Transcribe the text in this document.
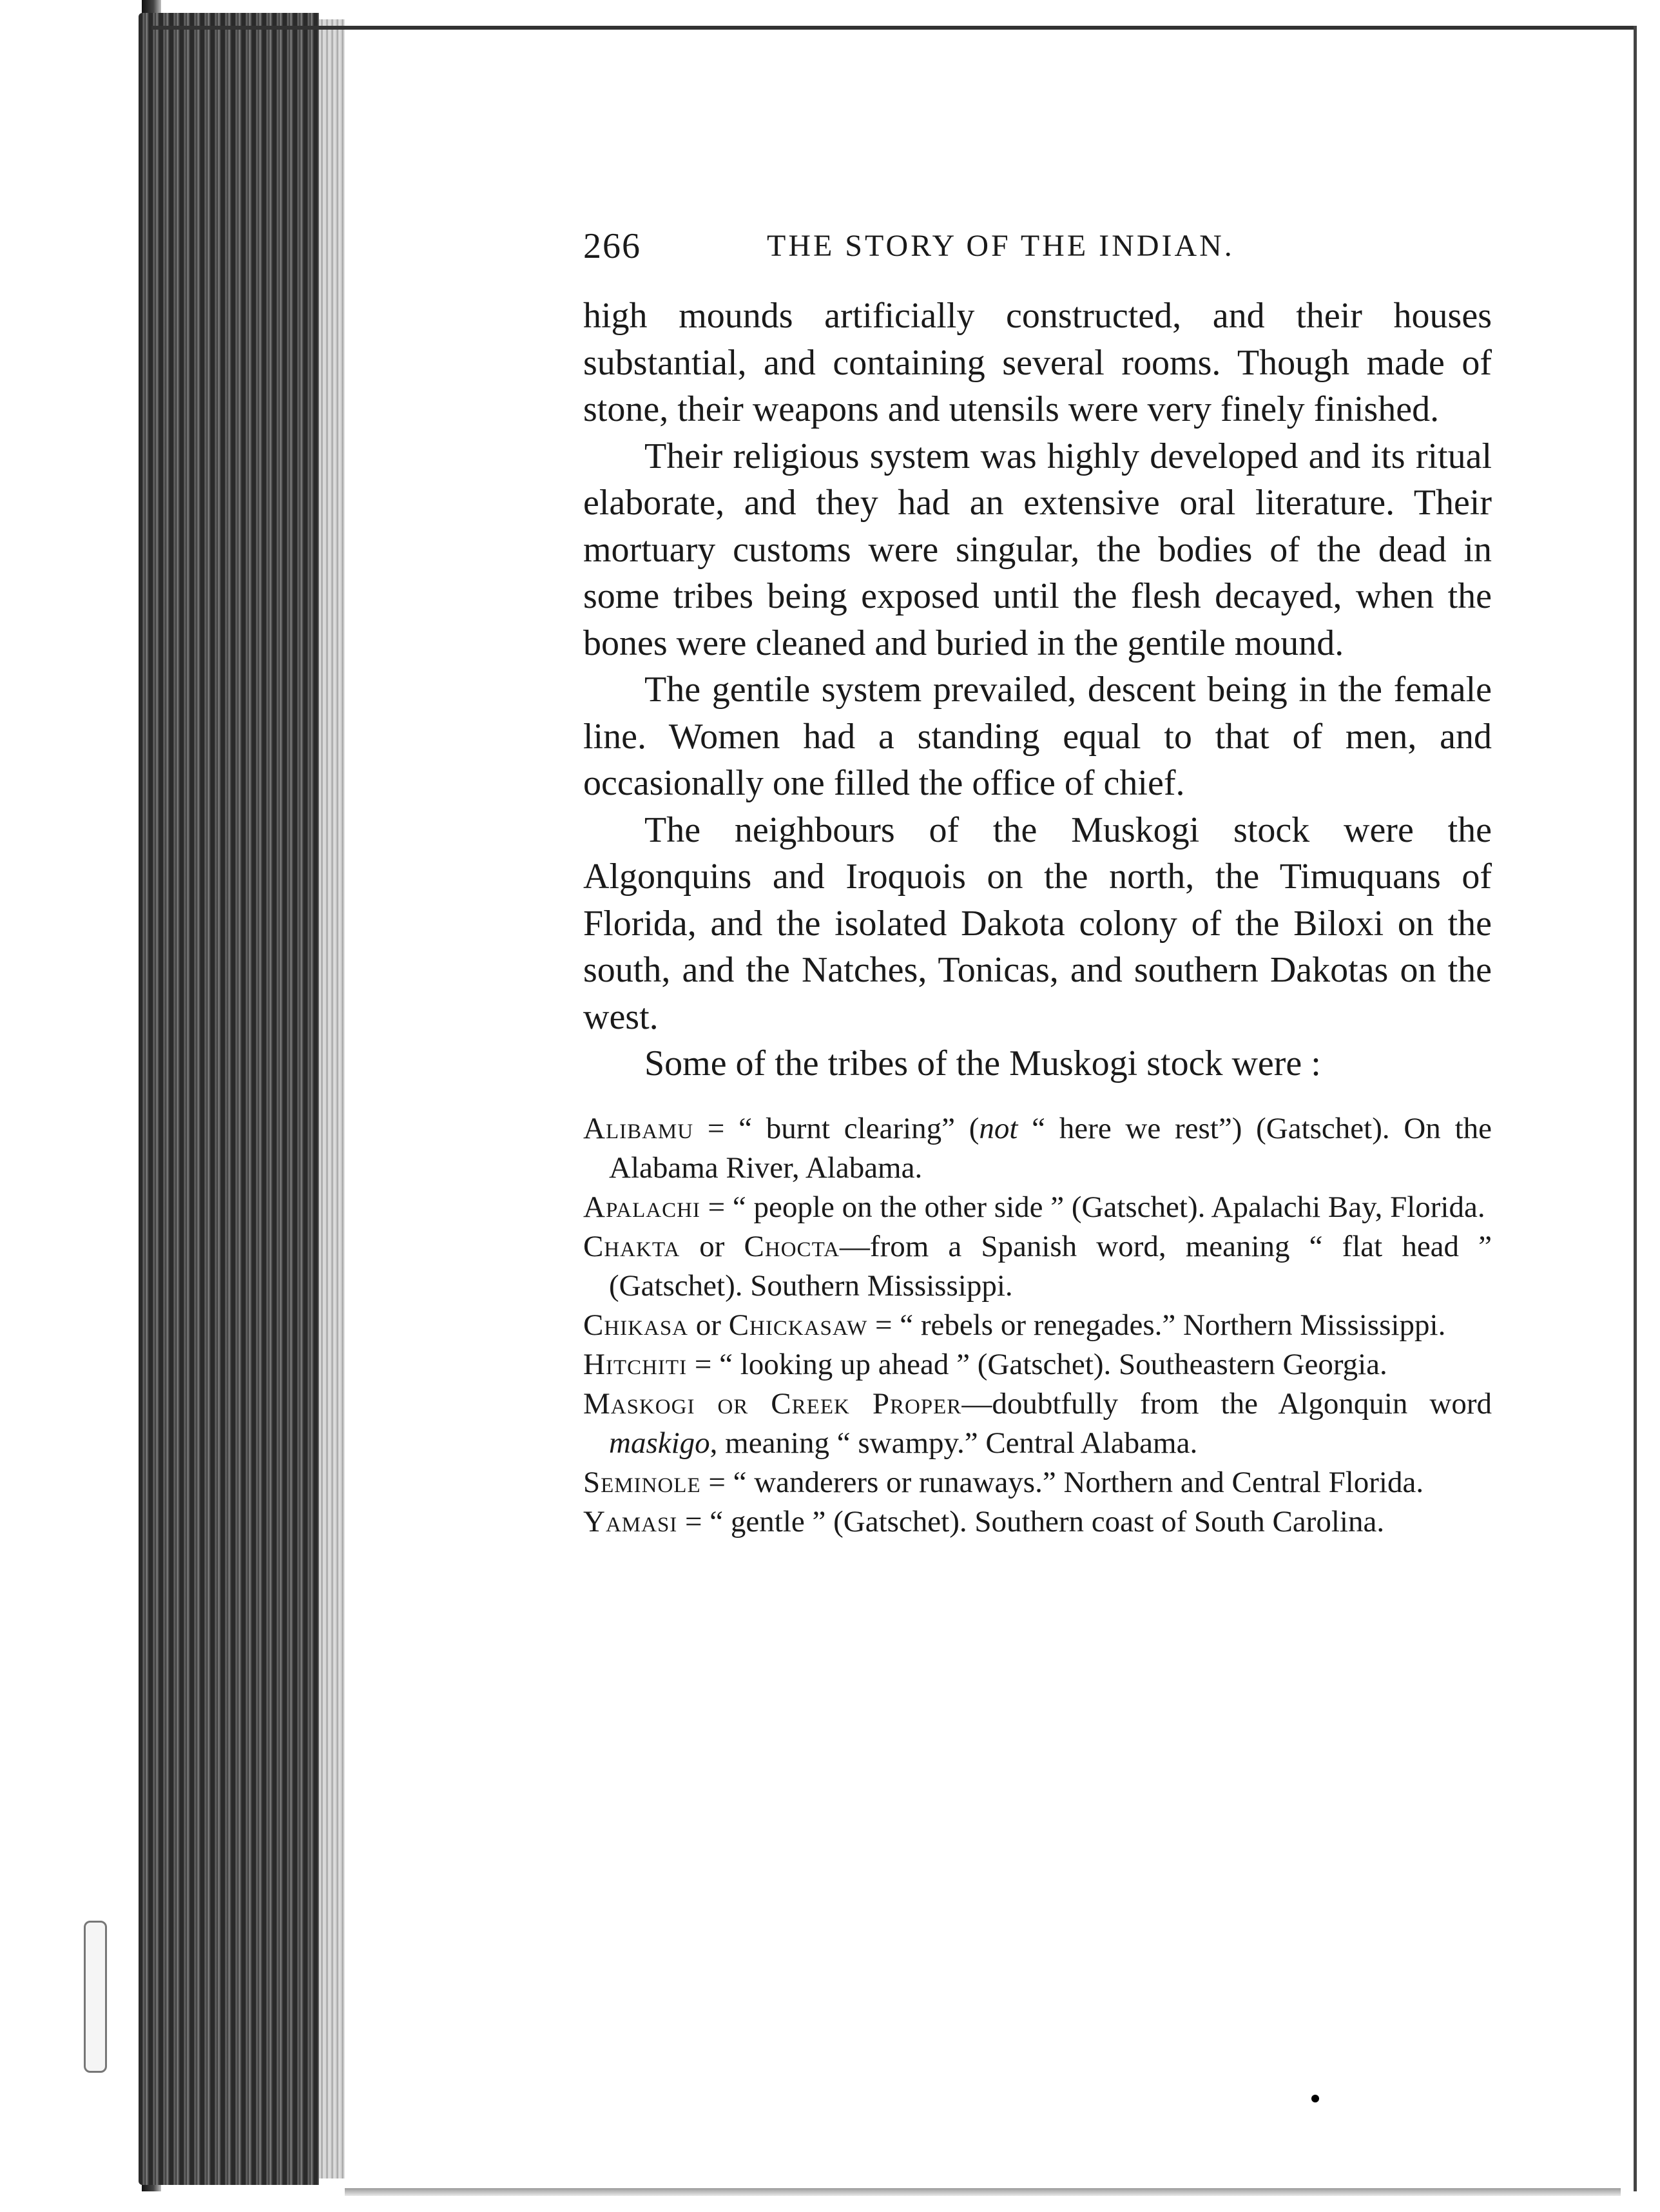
266	THE STORY OF THE INDIAN.

high mounds artificially constructed, and their houses substantial, and containing several rooms. Though made of stone, their weapons and utensils were very finely finished.

Their religious system was highly developed and its ritual elaborate, and they had an extensive oral literature. Their mortuary customs were singular, the bodies of the dead in some tribes being exposed until the flesh decayed, when the bones were cleaned and buried in the gentile mound.

The gentile system prevailed, descent being in the female line. Women had a standing equal to that of men, and occasionally one filled the office of chief.

The neighbours of the Muskogi stock were the Algonquins and Iroquois on the north, the Timuquans of Florida, and the isolated Dakota colony of the Biloxi on the south, and the Natches, Tonicas, and southern Dakotas on the west.

Some of the tribes of the Muskogi stock were :

Alibamu = “ burnt clearing” (not “ here we rest”) (Gatschet). On the Alabama River, Alabama.

Apalachi = “ people on the other side ” (Gatschet). Apalachi Bay, Florida.

Chakta or Chocta—from a Spanish word, meaning “ flat head ” (Gatschet). Southern Mississippi.

Chikasa or Chickasaw = “ rebels or renegades.” Northern Mississippi.

Hitchiti = “ looking up ahead ” (Gatschet). Southeastern Georgia.

Maskogi or Creek Proper—doubtfully from the Algonquin word maskigo, meaning “ swampy.” Central Alabama.

Seminole = “ wanderers or runaways.” Northern and Central Florida.

Yamasi = “ gentle ” (Gatschet). Southern coast of South Carolina.
